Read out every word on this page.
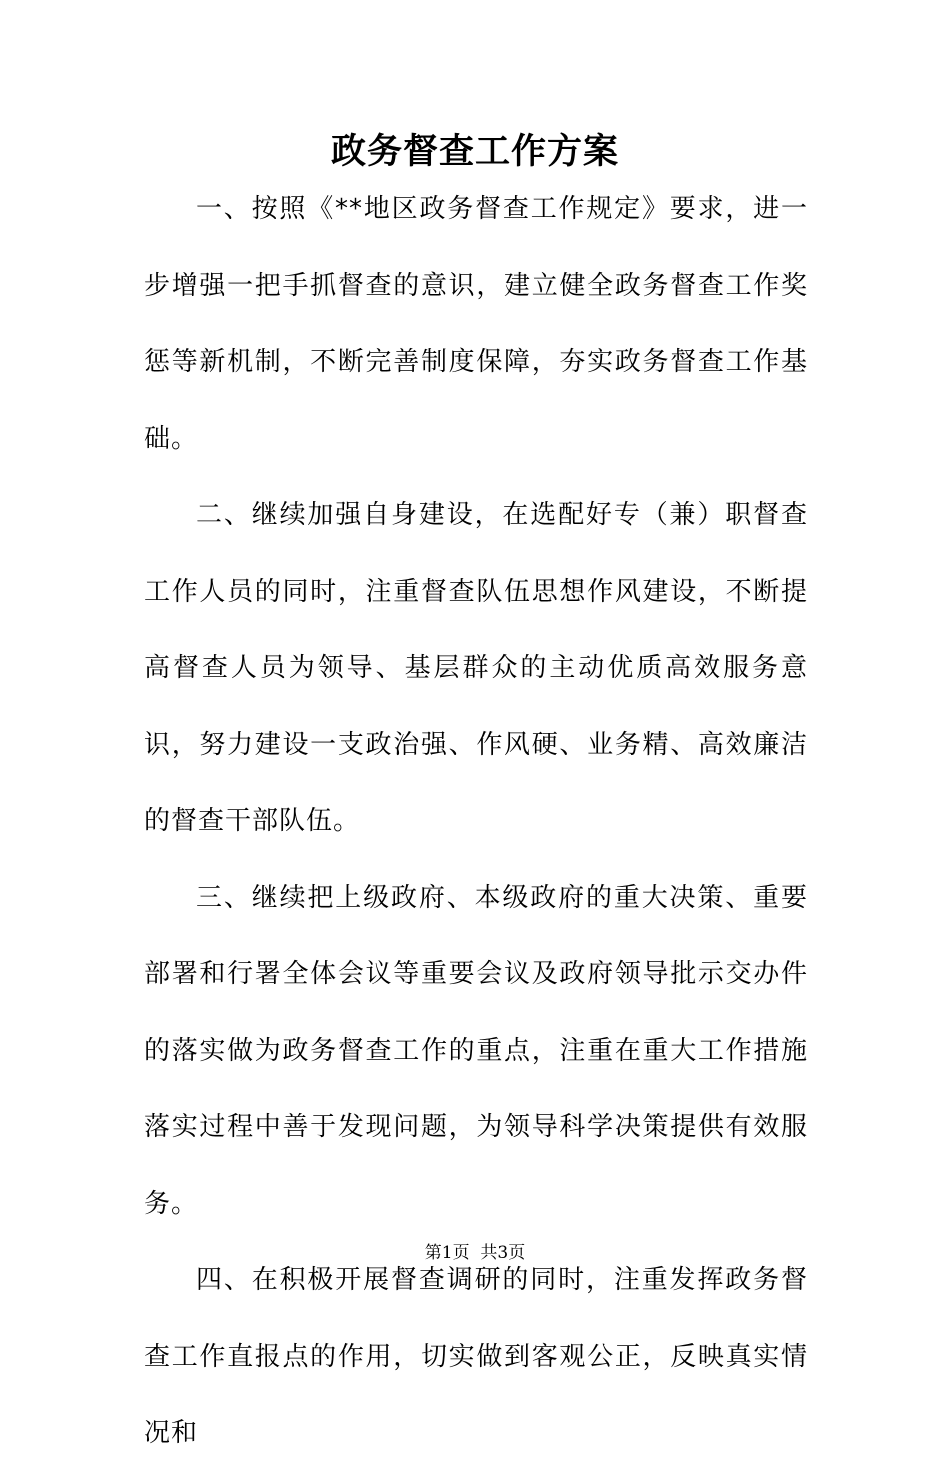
政务督查工作方案

一、按照《**地区政务督查工作规定》要求，进一步增强一把手抓督查的意识，建立健全政务督查工作奖惩等新机制，不断完善制度保障，夯实政务督查工作基础。

二、继续加强自身建设，在选配好专（兼）职督查工作人员的同时，注重督查队伍思想作风建设，不断提高督查人员为领导、基层群众的主动优质高效服务意识，努力建设一支政治强、作风硬、业务精、高效廉洁的督查干部队伍。

三、继续把上级政府、本级政府的重大决策、重要部署和行署全体会议等重要会议及政府领导批示交办件的落实做为政务督查工作的重点，注重在重大工作措施落实过程中善于发现问题，为领导科学决策提供有效服务。

四、在积极开展督查调研的同时，注重发挥政务督查工作直报点的作用，切实做到客观公正，反映真实情况和

第1页  共3页
